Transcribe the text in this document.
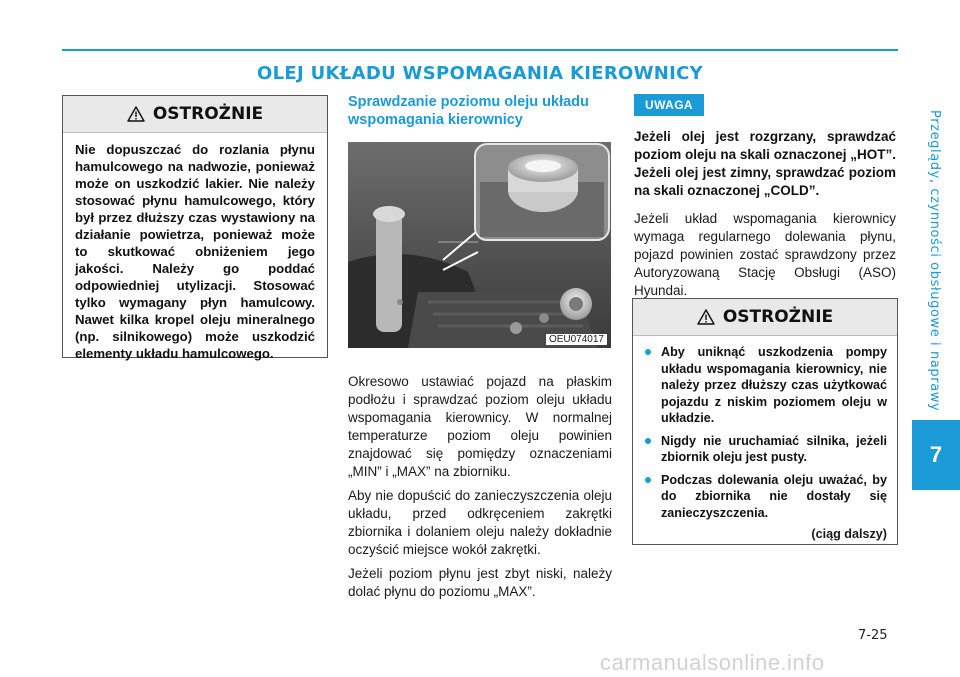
OLEJ UKŁADU WSPOMAGANIA KIEROWNICY
Przeglądy, czynności obsługowe i naprawy
7
OSTROŻNIE
Nie dopuszczać do rozlania płynu hamulcowego na nadwozie, ponieważ może on uszkodzić lakier. Nie należy stosować płynu hamulcowego, który był przez dłuższy czas wystawiony na działanie powietrza, ponieważ może to skutkować obniżeniem jego jakości. Należy go poddać odpowiedniej utylizacji. Stosować tylko wymagany płyn hamulcowy. Nawet kilka kropel oleju mineralnego (np. silnikowego) może uszkodzić elementy układu hamulcowego.
Sprawdzanie poziomu oleju układu wspomagania kierownicy
OEU074017

Okresowo ustawiać pojazd na płaskim podłożu i sprawdzać poziom oleju układu wspomagania kierownicy. W normalnej temperaturze poziom oleju powinien znajdować się pomiędzy oznaczeniami „MIN” i „MAX” na zbiorniku.

Aby nie dopuścić do zanieczyszczenia oleju układu, przed odkręceniem zakrętki zbiornika i dolaniem oleju należy dokładnie oczyścić miejsce wokół zakrętki.

Jeżeli poziom płynu jest zbyt niski, należy dolać płynu do poziomu „MAX”.

UWAGA
Jeżeli olej jest rozgrzany, sprawdzać poziom oleju na skali oznaczonej „HOT”. Jeżeli olej jest zimny, sprawdzać poziom na skali oznaczonej „COLD”.
Jeżeli układ wspomagania kierownicy wymaga regularnego dolewania płynu, pojazd powinien zostać sprawdzony przez Autoryzowaną Stację Obsługi (ASO) Hyundai.
OSTROŻNIE
Aby uniknąć uszkodzenia pompy układu wspomagania kierownicy, nie należy przez dłuższy czas użytkować pojazdu z niskim poziomem oleju w układzie.
Nigdy nie uruchamiać silnika, jeżeli zbiornik oleju jest pusty.
Podczas dolewania oleju uważać, by do zbiornika nie dostały się zanieczyszczenia.
(ciąg dalszy)
7-25
carmanualsonline.info
